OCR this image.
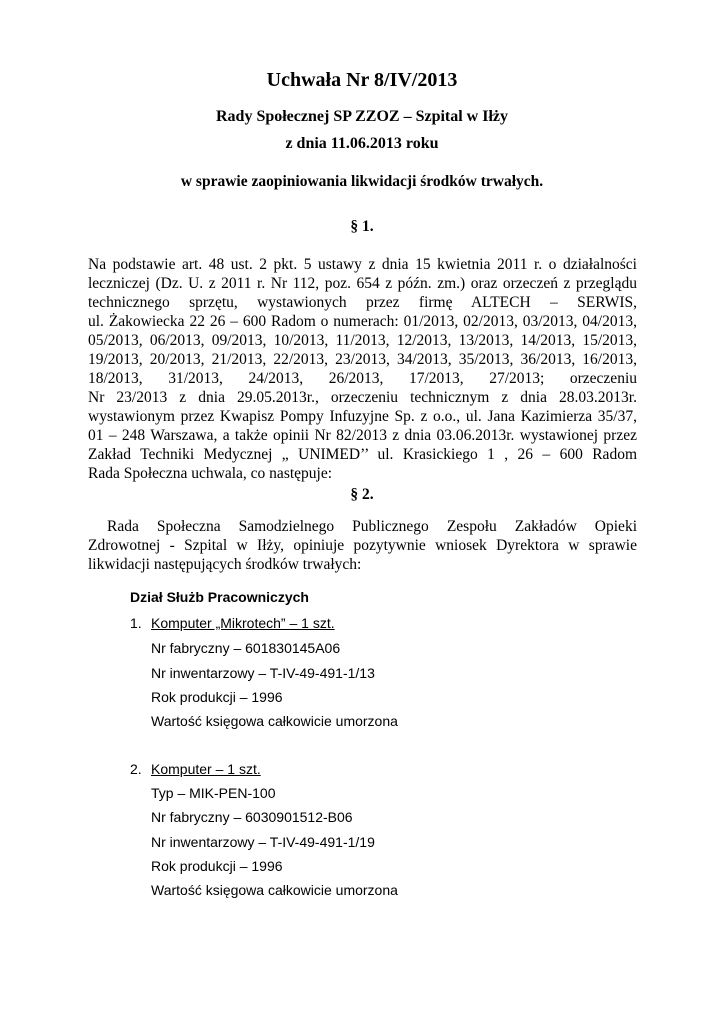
Uchwała Nr 8/IV/2013
Rady Społecznej SP ZZOZ – Szpital w Iłży
z dnia 11.06.2013 roku
w sprawie zaopiniowania likwidacji środków trwałych.
§ 1.
Na podstawie art. 48 ust. 2 pkt. 5 ustawy z dnia 15 kwietnia 2011 r. o działalności
leczniczej (Dz. U. z 2011 r. Nr 112, poz. 654 z późn. zm.) oraz orzeczeń z przeglądu
technicznego sprzętu, wystawionych przez firmę ALTECH – SERWIS,
ul. Żakowiecka 22 26 – 600 Radom o numerach: 01/2013, 02/2013, 03/2013, 04/2013,
05/2013, 06/2013, 09/2013, 10/2013, 11/2013, 12/2013, 13/2013, 14/2013, 15/2013,
19/2013, 20/2013, 21/2013, 22/2013, 23/2013, 34/2013, 35/2013, 36/2013, 16/2013,
18/2013, 31/2013, 24/2013, 26/2013, 17/2013, 27/2013; orzeczeniu
Nr 23/2013 z dnia 29.05.2013r., orzeczeniu technicznym z dnia 28.03.2013r.
wystawionym przez Kwapisz Pompy Infuzyjne Sp. z o.o., ul. Jana Kazimierza 35/37,
01 – 248 Warszawa, a także opinii Nr 82/2013 z dnia 03.06.2013r. wystawionej przez
Zakład Techniki Medycznej „ UNIMED’’ ul. Krasickiego 1 , 26 – 600 Radom
Rada Społeczna uchwala, co następuje:
§ 2.
Rada Społeczna Samodzielnego Publicznego Zespołu Zakładów Opieki
Zdrowotnej - Szpital w Iłży, opiniuje pozytywnie wniosek Dyrektora w sprawie
likwidacji następujących środków trwałych:
Dział Służb Pracowniczych
1. Komputer „Mikrotech” – 1 szt.
Nr fabryczny – 601830145A06
Nr inwentarzowy – T-IV-49-491-1/13
Rok produkcji – 1996
Wartość księgowa całkowicie umorzona
2. Komputer – 1 szt.
Typ – MIK-PEN-100
Nr fabryczny – 6030901512-B06
Nr inwentarzowy – T-IV-49-491-1/19
Rok produkcji – 1996
Wartość księgowa całkowicie umorzona
